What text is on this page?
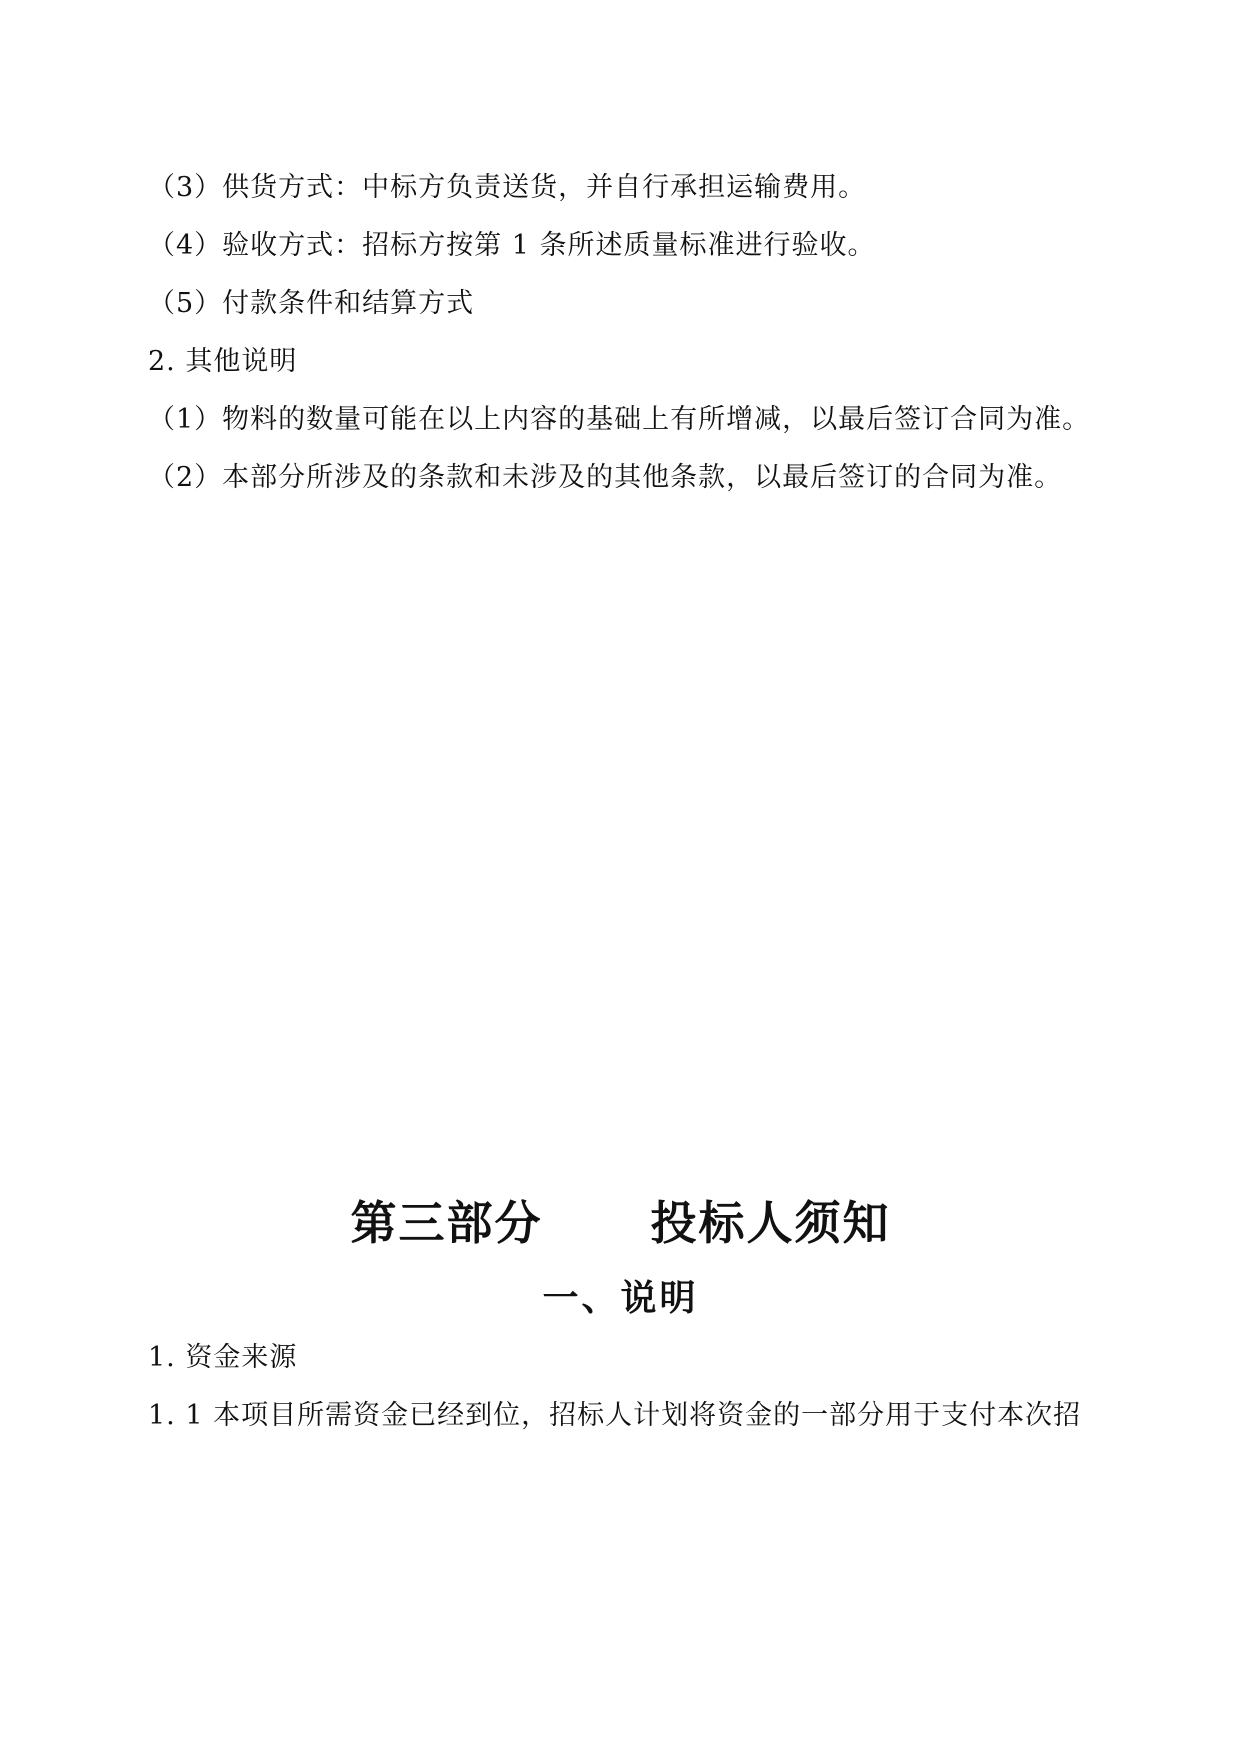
（3）供货方式：中标方负责送货，并自行承担运输费用。
（4）验收方式：招标方按第 1 条所述质量标准进行验收。
（5）付款条件和结算方式
2. 其他说明
（1）物料的数量可能在以上内容的基础上有所增减，以最后签订合同为准。
（2）本部分所涉及的条款和未涉及的其他条款，以最后签订的合同为准。
第三部分      投标人须知
一、说明
1. 资金来源
1. 1 本项目所需资金已经到位，招标人计划将资金的一部分用于支付本次招
